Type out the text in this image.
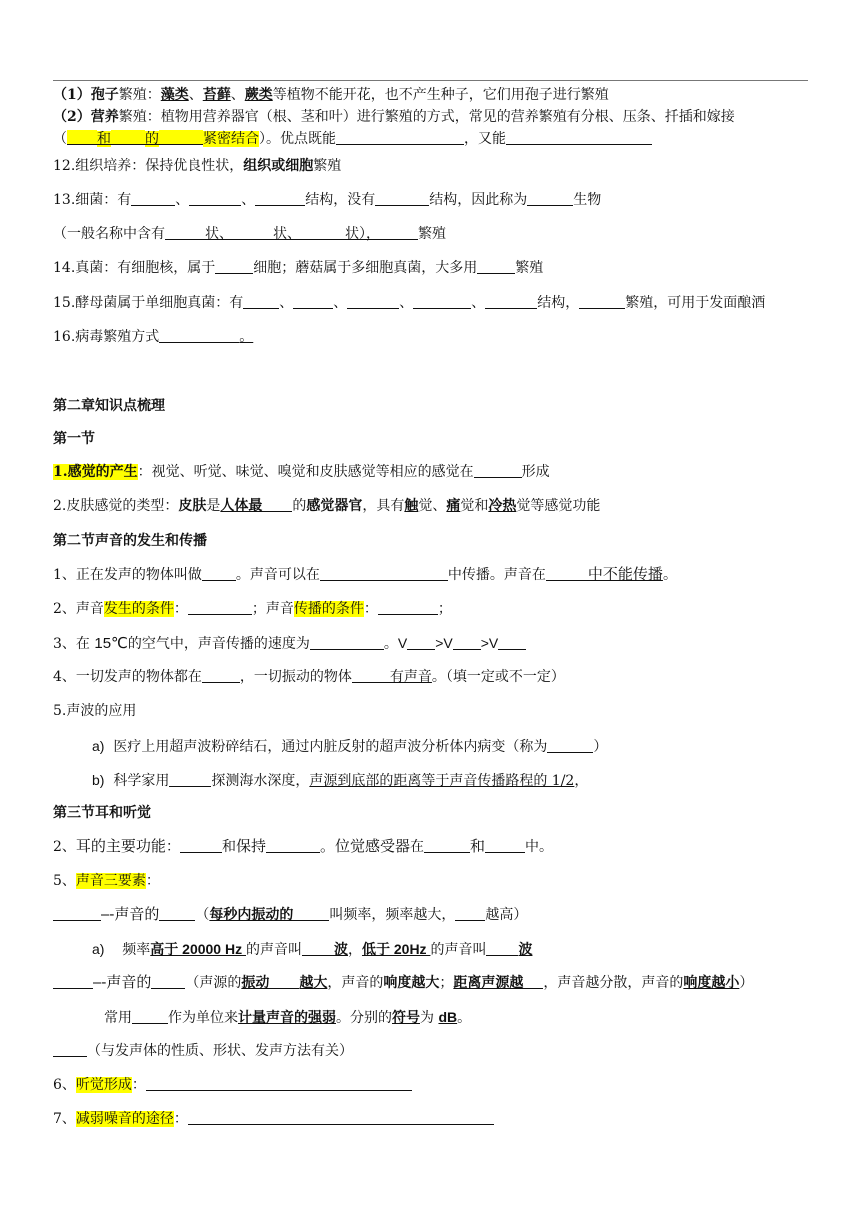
（1）孢子繁殖：藻类、苔藓、蕨类等植物不能开花，也不产生种子，它们用孢子进行繁殖
（2）营养繁殖：植物用营养器官（根、茎和叶）进行繁殖的方式，常见的营养繁殖有分根、压条、扦插和嫁接
（ 和 的	紧密结合）。优点既能	，又能
12.组织培养：保持优良性状，组织或细胞繁殖
13.细菌：有	、	、	结构，没有	结构，因此称为	生物
（一般名称中含有	状、	状、	状），	繁殖
14.真菌：有细胞核，属于	细胞；蘑菇属于多细胞真菌，大多用	繁殖
15.酵母菌属于单细胞真菌：有	、	、	、	、	结构，	繁殖，可用于发面酿酒
16.病毒繁殖方式	。
第二章知识点梳理
第一节
1.感觉的产生：视觉、听觉、味觉、嗅觉和皮肤感觉等相应的感觉在	形成
2.皮肤感觉的类型：皮肤是人体最 的感觉器官，具有触觉、痛觉和冷热觉等感觉功能
第二节声音的发生和传播
1、正在发声的物体叫做 。声音可以在	中传播。声音在	中不能传播。
2、声音发生的条件：	；声音传播的条件：	；
3、在 15℃的空气中，声音传播的速度为	。V >V >V
4、一切发声的物体都在	，一切振动的物体	有声音。（填一定或不一定）
5.声波的应用
a) 医疗上用超声波粉碎结石，通过内脏反射的超声波分析体内病变（称为	）
b) 科学家用	探测海水深度，声源到底部的距离等于声音传播路程的 1/2，
第三节耳和听觉
2、耳的主要功能：	和保持	。位觉感受器在	和	中。
5、声音三要素：
–-声音的	（每秒内振动的	叫频率，频率越大， 越高）
a) 频率高于 20000 Hz 的声音叫 波，低于 20Hz 的声音叫 波
–-声音的 （声源的振动 越大，声音的响度越大；距离声源越 ，声音越分散，声音的响度越小）
常用	作为单位来计量声音的强弱。分别的符号为 dB。
（与发声体的性质、形状、发声方法有关）
6、听觉形成：
7、减弱噪音的途径：
